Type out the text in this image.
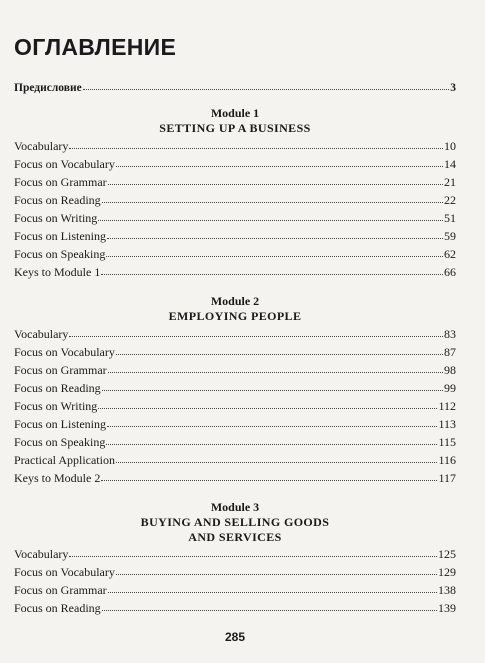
ОГЛАВЛЕНИЕ
Предисловие	3
Module 1
SETTING UP A BUSINESS
Vocabulary	10
Focus on Vocabulary	14
Focus on Grammar	21
Focus on Reading	22
Focus on Writing	51
Focus on Listening	59
Focus on Speaking	62
Keys to Module 1	66
Module 2
EMPLOYING PEOPLE
Vocabulary	83
Focus on Vocabulary	87
Focus on Grammar	98
Focus on Reading	99
Focus on Writing	112
Focus on Listening	113
Focus on Speaking	115
Practical Application	116
Keys to Module 2	117
Module 3
BUYING AND SELLING GOODS
AND SERVICES
Vocabulary	125
Focus on Vocabulary	129
Focus on Grammar	138
Focus on Reading	139
285
